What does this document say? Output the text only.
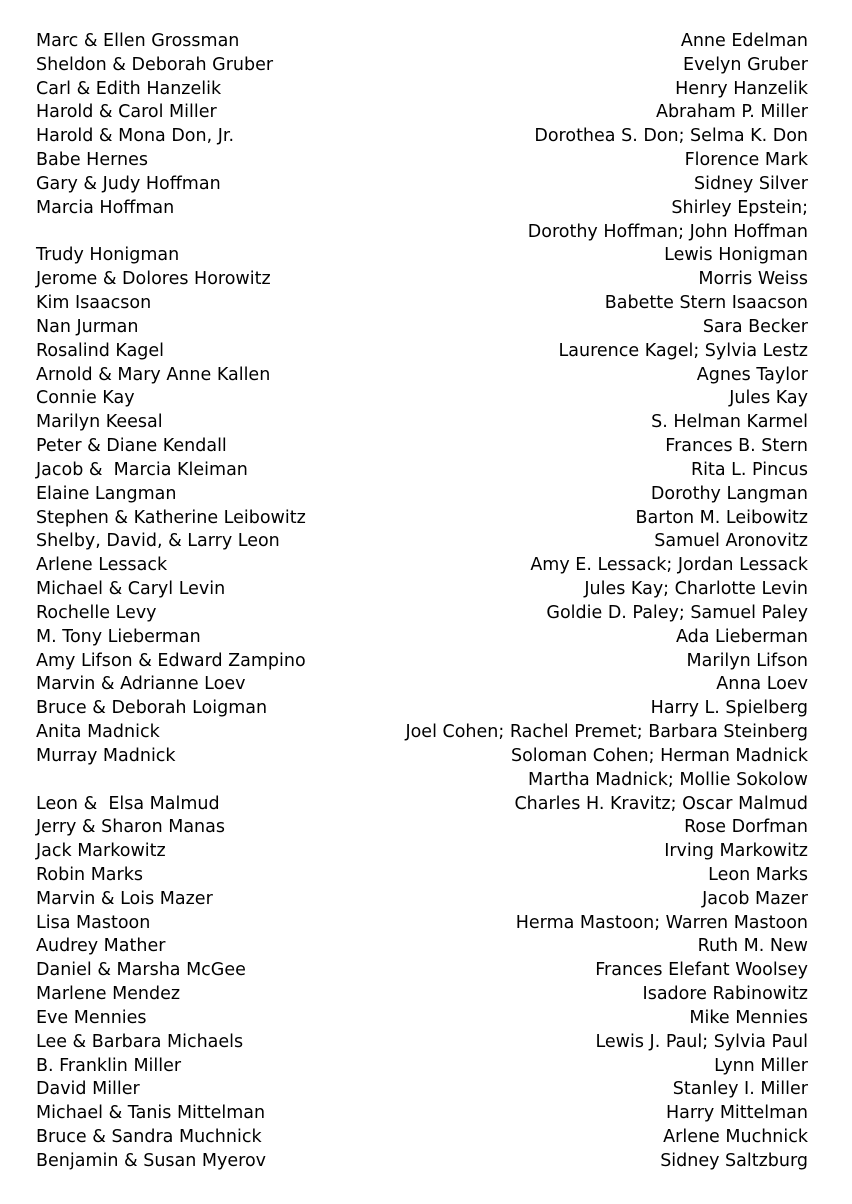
Marc & Ellen Grossman	Anne Edelman
Sheldon & Deborah Gruber	Evelyn Gruber
Carl & Edith Hanzelik	Henry Hanzelik
Harold & Carol Miller	Abraham P. Miller
Harold & Mona Don, Jr.	Dorothea S. Don; Selma K. Don
Babe Hernes	Florence Mark
Gary & Judy Hoffman	Sidney Silver
Marcia Hoffman	Shirley Epstein;
Dorothy Hoffman; John Hoffman
Trudy Honigman	Lewis Honigman
Jerome & Dolores Horowitz	Morris Weiss
Kim Isaacson	Babette Stern Isaacson
Nan Jurman	Sara Becker
Rosalind Kagel	Laurence Kagel; Sylvia Lestz
Arnold & Mary Anne Kallen	Agnes Taylor
Connie Kay	Jules Kay
Marilyn Keesal	S. Helman Karmel
Peter & Diane Kendall	Frances B. Stern
Jacob &  Marcia Kleiman	Rita L. Pincus
Elaine Langman	Dorothy Langman
Stephen & Katherine Leibowitz	Barton M. Leibowitz
Shelby, David, & Larry Leon	Samuel Aronovitz
Arlene Lessack	Amy E. Lessack; Jordan Lessack
Michael & Caryl Levin	Jules Kay; Charlotte Levin
Rochelle Levy	Goldie D. Paley; Samuel Paley
M. Tony Lieberman	Ada Lieberman
Amy Lifson & Edward Zampino	Marilyn Lifson
Marvin & Adrianne Loev	Anna Loev
Bruce & Deborah Loigman	Harry L. Spielberg
Anita Madnick	Joel Cohen; Rachel Premet; Barbara Steinberg
Murray Madnick	Soloman Cohen; Herman Madnick
Martha Madnick; Mollie Sokolow
Leon &  Elsa Malmud	Charles H. Kravitz; Oscar Malmud
Jerry & Sharon Manas	Rose Dorfman
Jack Markowitz	Irving Markowitz
Robin Marks	Leon Marks
Marvin & Lois Mazer	Jacob Mazer
Lisa Mastoon	Herma Mastoon; Warren Mastoon
Audrey Mather	Ruth M. New
Daniel & Marsha McGee	Frances Elefant Woolsey
Marlene Mendez	Isadore Rabinowitz
Eve Mennies	Mike Mennies
Lee & Barbara Michaels	Lewis J. Paul; Sylvia Paul
B. Franklin Miller	Lynn Miller
David Miller	Stanley I. Miller
Michael & Tanis Mittelman	Harry Mittelman
Bruce & Sandra Muchnick	Arlene Muchnick
Benjamin & Susan Myerov	Sidney Saltzburg
